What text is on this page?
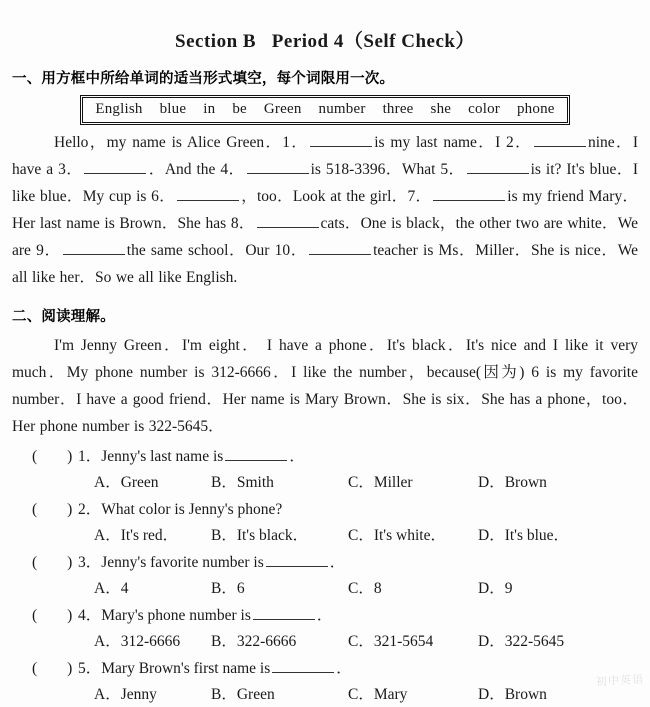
Section B   Period 4（Self Check）
一、用方框中所给单词的适当形式填空，每个词限用一次。
English blue in be Green number three she color phone

Hello，my name is Alice Green．1．	is my last name．I 2．	nine．I have a 3．	．And the 4．	is 518-3396．What 5．	is it? It's blue．I like blue．My cup is 6．	，too．Look at the girl．7．	is my friend Mary．Her last name is Brown．She has 8．	cats．One is black，the other two are white．We are 9．	the same school．Our 10．	teacher is Ms．Miller．She is nice．We all like her．So we all like English.

二、阅读理解。

I'm Jenny Green．I'm eight． I have a phone．It's black．It's nice and I like it very much．My phone number is 312-6666．I like the number，because(因为) 6 is my favorite number．I have a good friend．Her name is Mary Brown．She is six．She has a phone，too．Her phone number is 322-5645．

( ) 1．Jenny's last name is	．
A．Green	B．Smith	C．Miller	D．Brown
( ) 2．What color is Jenny's phone?
A．It's red．	B．It's black．	C．It's white．	D．It's blue．
( ) 3．Jenny's favorite number is	．
A．4	B．6	C．8	D．9
( ) 4．Mary's phone number is	．
A．312-6666	B．322-6666	C．321-5654	D．322-5645
( ) 5．Mary Brown's first name is	．
A．Jenny	B．Green	C．Mary	D．Brown
初中英语
